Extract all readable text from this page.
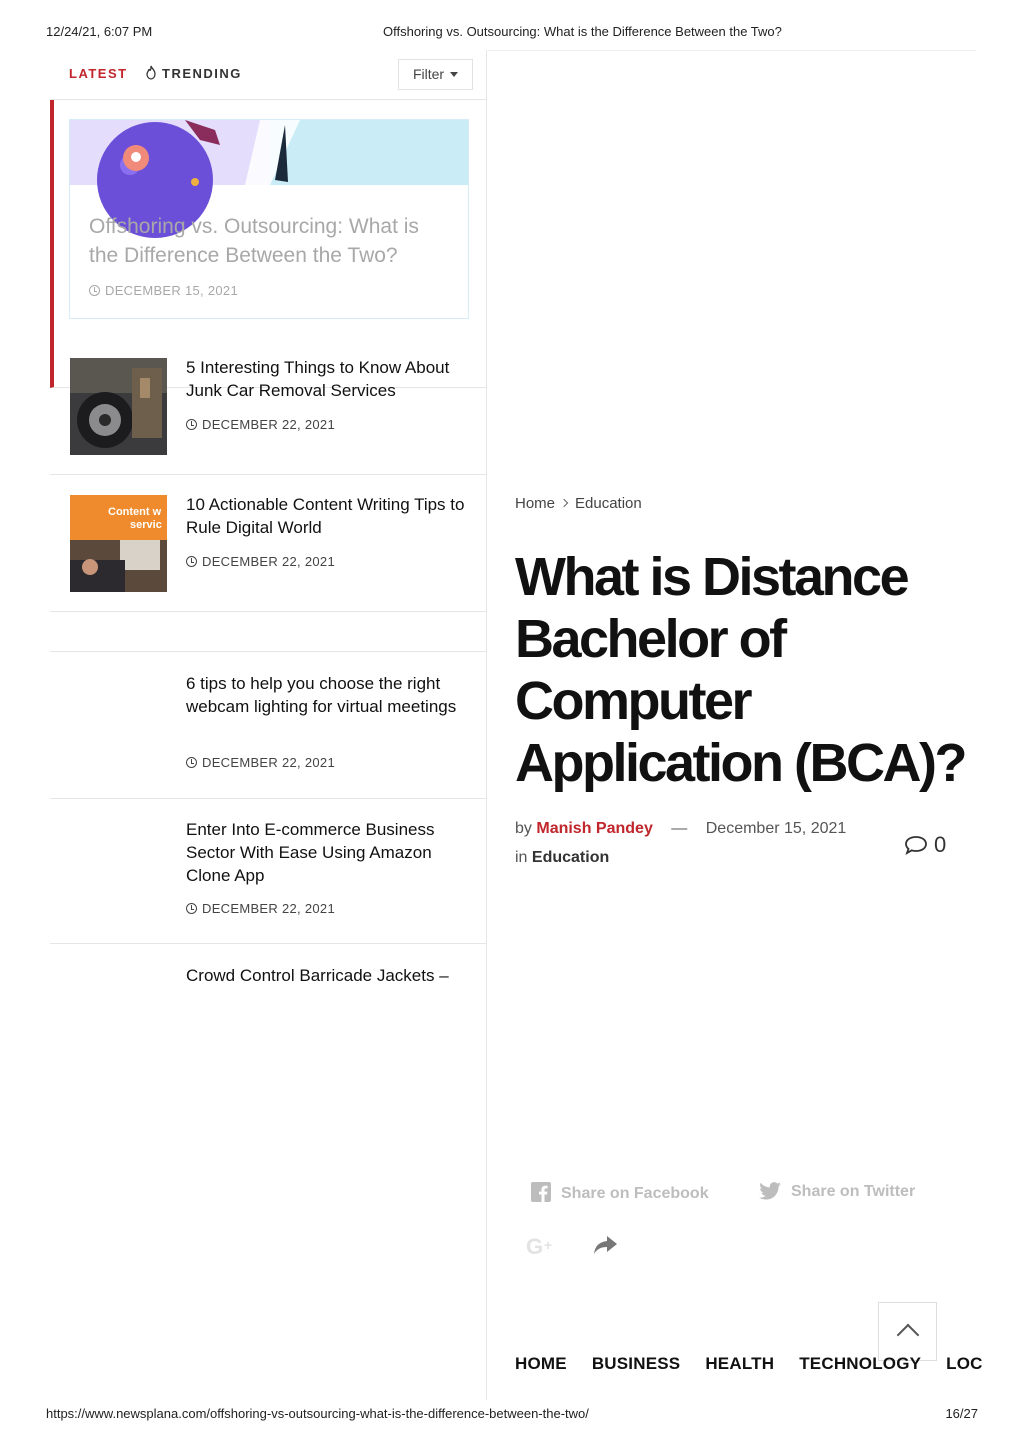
12/24/21, 6:07 PM	Offshoring vs. Outsourcing: What is the Difference Between the Two?
LATEST	TRENDING	Filter
Offshoring vs. Outsourcing: What is the Difference Between the Two?
DECEMBER 15, 2021
5 Interesting Things to Know About Junk Car Removal Services
DECEMBER 22, 2021
Content w
servic
10 Actionable Content Writing Tips to Rule Digital World
DECEMBER 22, 2021
6 tips to help you choose the right webcam lighting for virtual meetings
DECEMBER 22, 2021
Enter Into E-commerce Business Sector With Ease Using Amazon Clone App
DECEMBER 22, 2021
Crowd Control Barricade Jackets –
Home Education
What is Distance Bachelor of Computer Application (BCA)?
by Manish Pandey — December 15, 2021
in Education
0
Share on Facebook	Share on Twitter
G +
HOME BUSINESS HEALTH TECHNOLOGY LOC
https://www.newsplana.com/offshoring-vs-outsourcing-what-is-the-difference-between-the-two/	16/27
